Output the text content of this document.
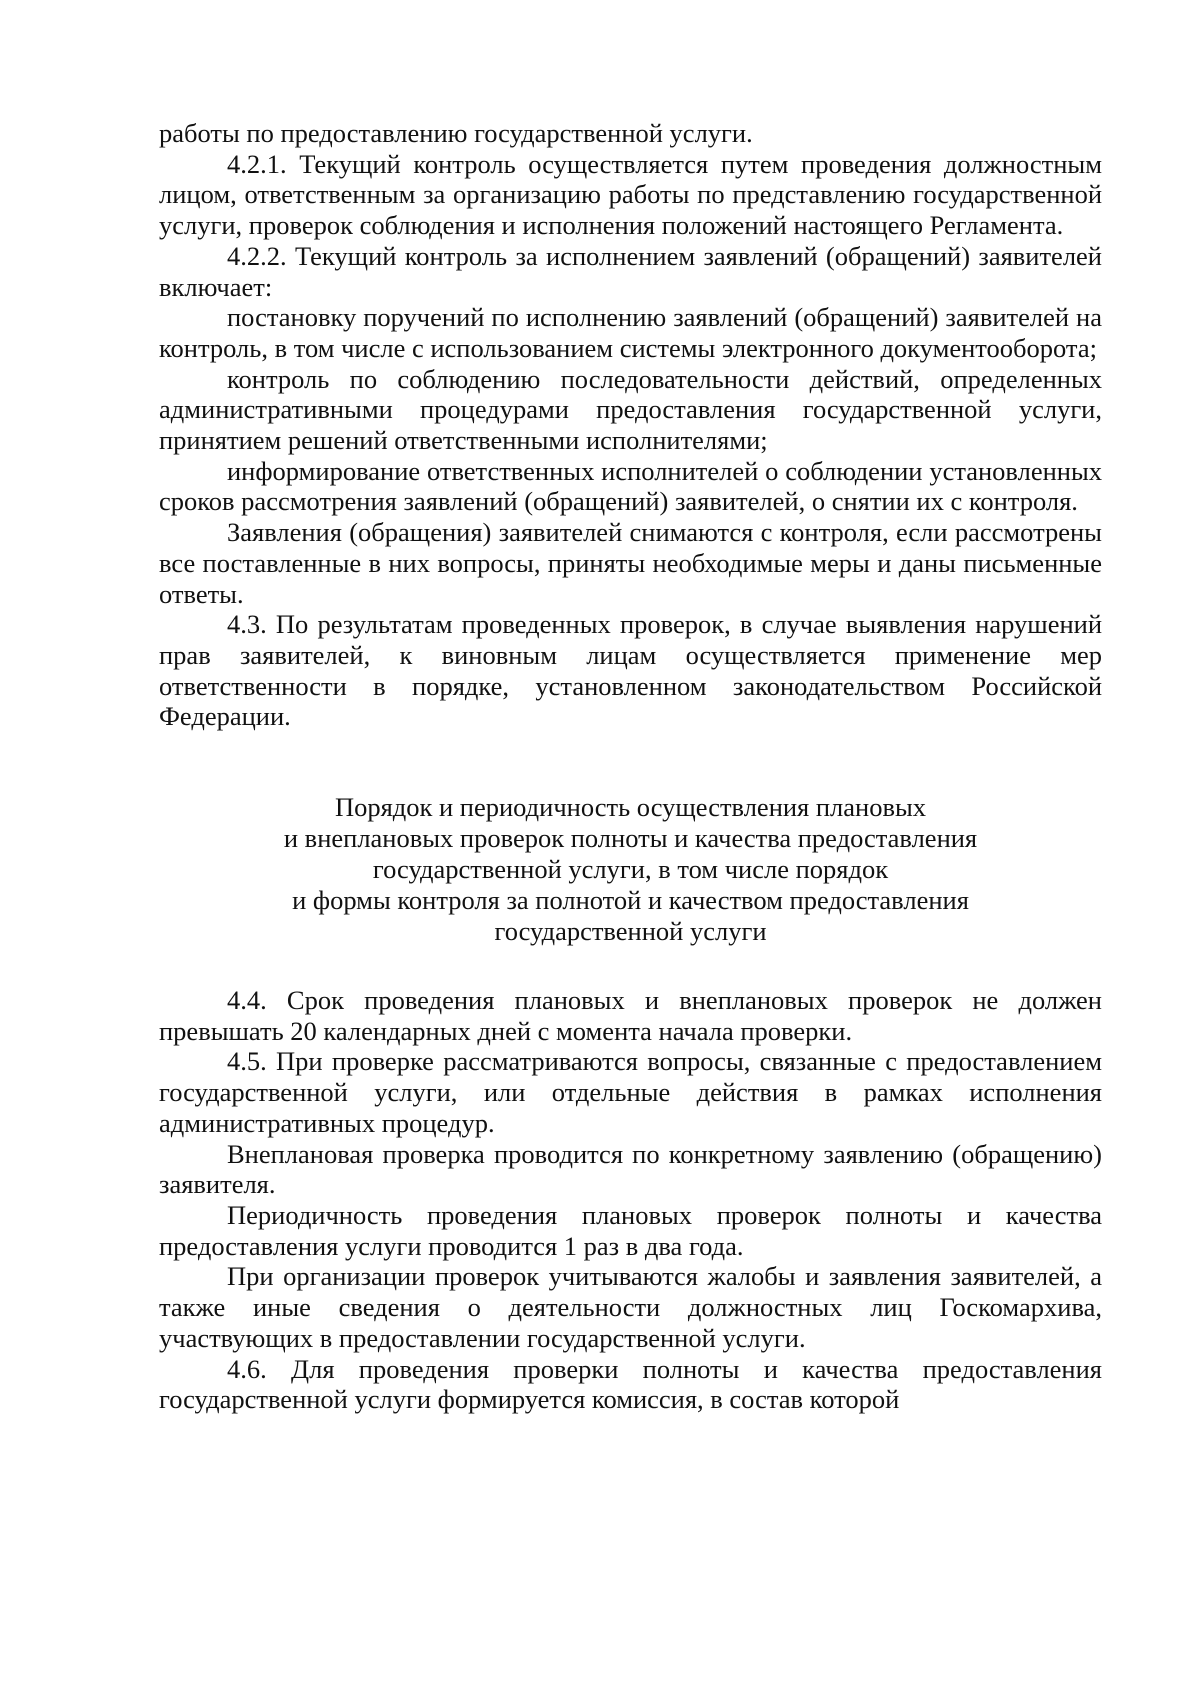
работы по предоставлению государственной услуги.

4.2.1. Текущий контроль осуществляется путем проведения должностным лицом, ответственным за организацию работы по представлению государственной услуги, проверок соблюдения и исполнения положений настоящего Регламента.

4.2.2. Текущий контроль за исполнением заявлений (обращений) заявителей включает:

постановку поручений по исполнению заявлений (обращений) заявителей на контроль, в том числе с использованием системы электронного документооборота;

контроль по соблюдению последовательности действий, определенных административными процедурами предоставления государственной услуги, принятием решений ответственными исполнителями;

информирование ответственных исполнителей о соблюдении установленных сроков рассмотрения заявлений (обращений) заявителей, о снятии их с контроля.

Заявления (обращения) заявителей снимаются с контроля, если рассмотрены все поставленные в них вопросы, приняты необходимые меры и даны письменные ответы.

4.3. По результатам проведенных проверок, в случае выявления нарушений прав заявителей, к виновным лицам осуществляется применение мер ответственности в порядке, установленном законодательством Российской Федерации.

Порядок и периодичность осуществления плановых
и внеплановых проверок полноты и качества предоставления
государственной услуги, в том числе порядок
и формы контроля за полнотой и качеством предоставления
государственной услуги

4.4. Срок проведения плановых и внеплановых проверок не должен превышать 20 календарных дней с момента начала проверки.

4.5. При проверке рассматриваются вопросы, связанные с предоставлением государственной услуги, или отдельные действия в рамках исполнения административных процедур.

Внеплановая проверка проводится по конкретному заявлению (обращению) заявителя.

Периодичность проведения плановых проверок полноты и качества предоставления услуги проводится 1 раз в два года.

При организации проверок учитываются жалобы и заявления заявителей, а также иные сведения о деятельности должностных лиц Госкомархива, участвующих в предоставлении государственной услуги.

4.6. Для проведения проверки полноты и качества предоставления государственной услуги формируется комиссия, в состав которой
